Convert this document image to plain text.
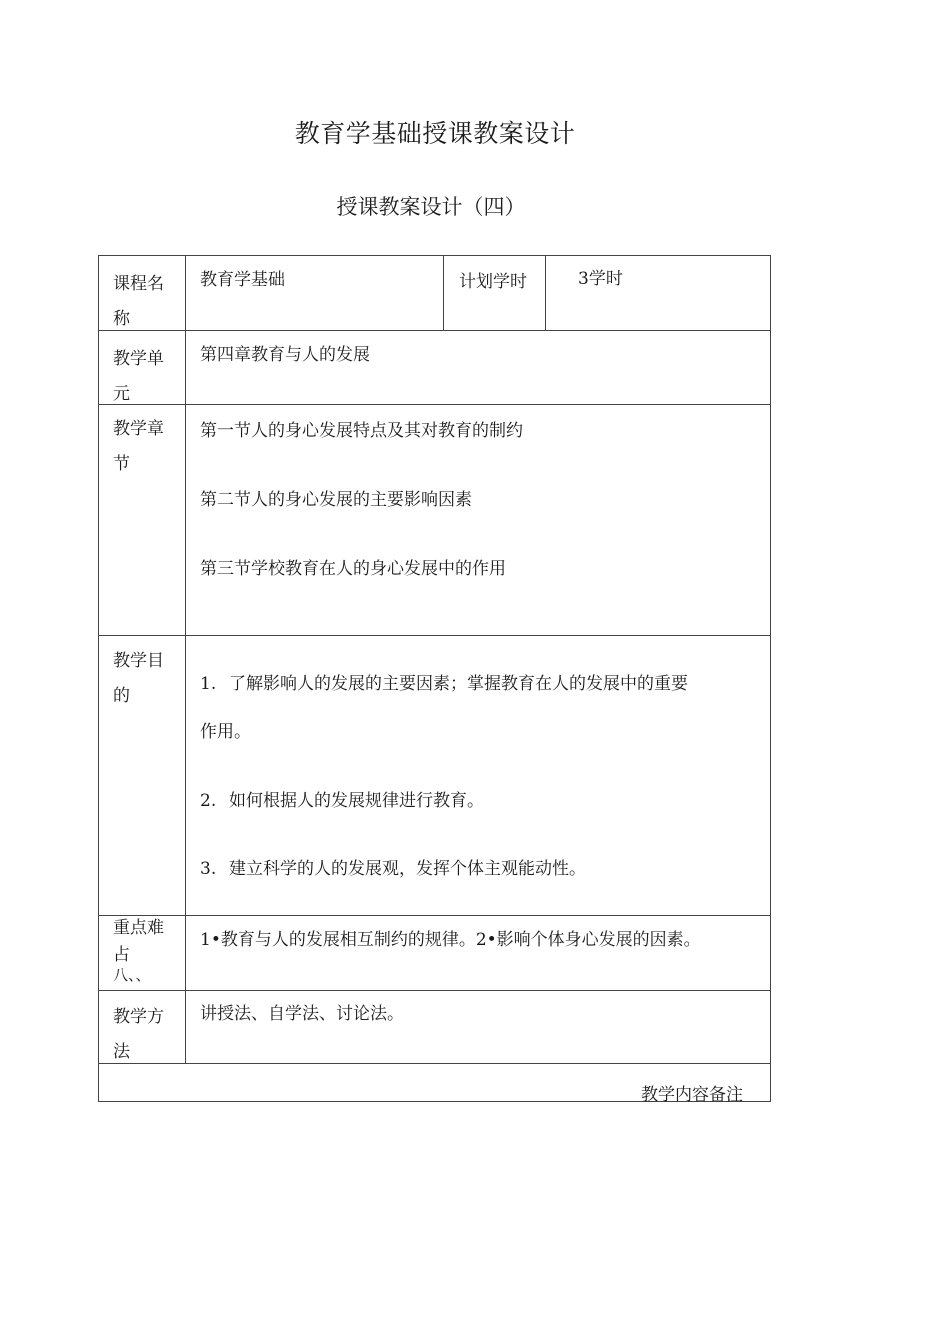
教育学基础授课教案设计
授课教案设计（四）
课程名称
教育学基础	计划学时	3学时
教学单元
第四章教育与人的发展
教学章节
第一节人的身心发展特点及其对教育的制约
第二节人的身心发展的主要影响因素
第三节学校教育在人的身心发展中的作用
教学目的
1. 了解影响人的发展的主要因素；掌握教育在人的发展中的重要
作用。
2. 如何根据人的发展规律进行教育。
3. 建立科学的人的发展观，发挥个体主观能动性。
重点难占
八、、
1•教育与人的发展相互制约的规律。2•影响个体身心发展的因素。
教学方法
讲授法、自学法、讨论法。
教学内容备注
